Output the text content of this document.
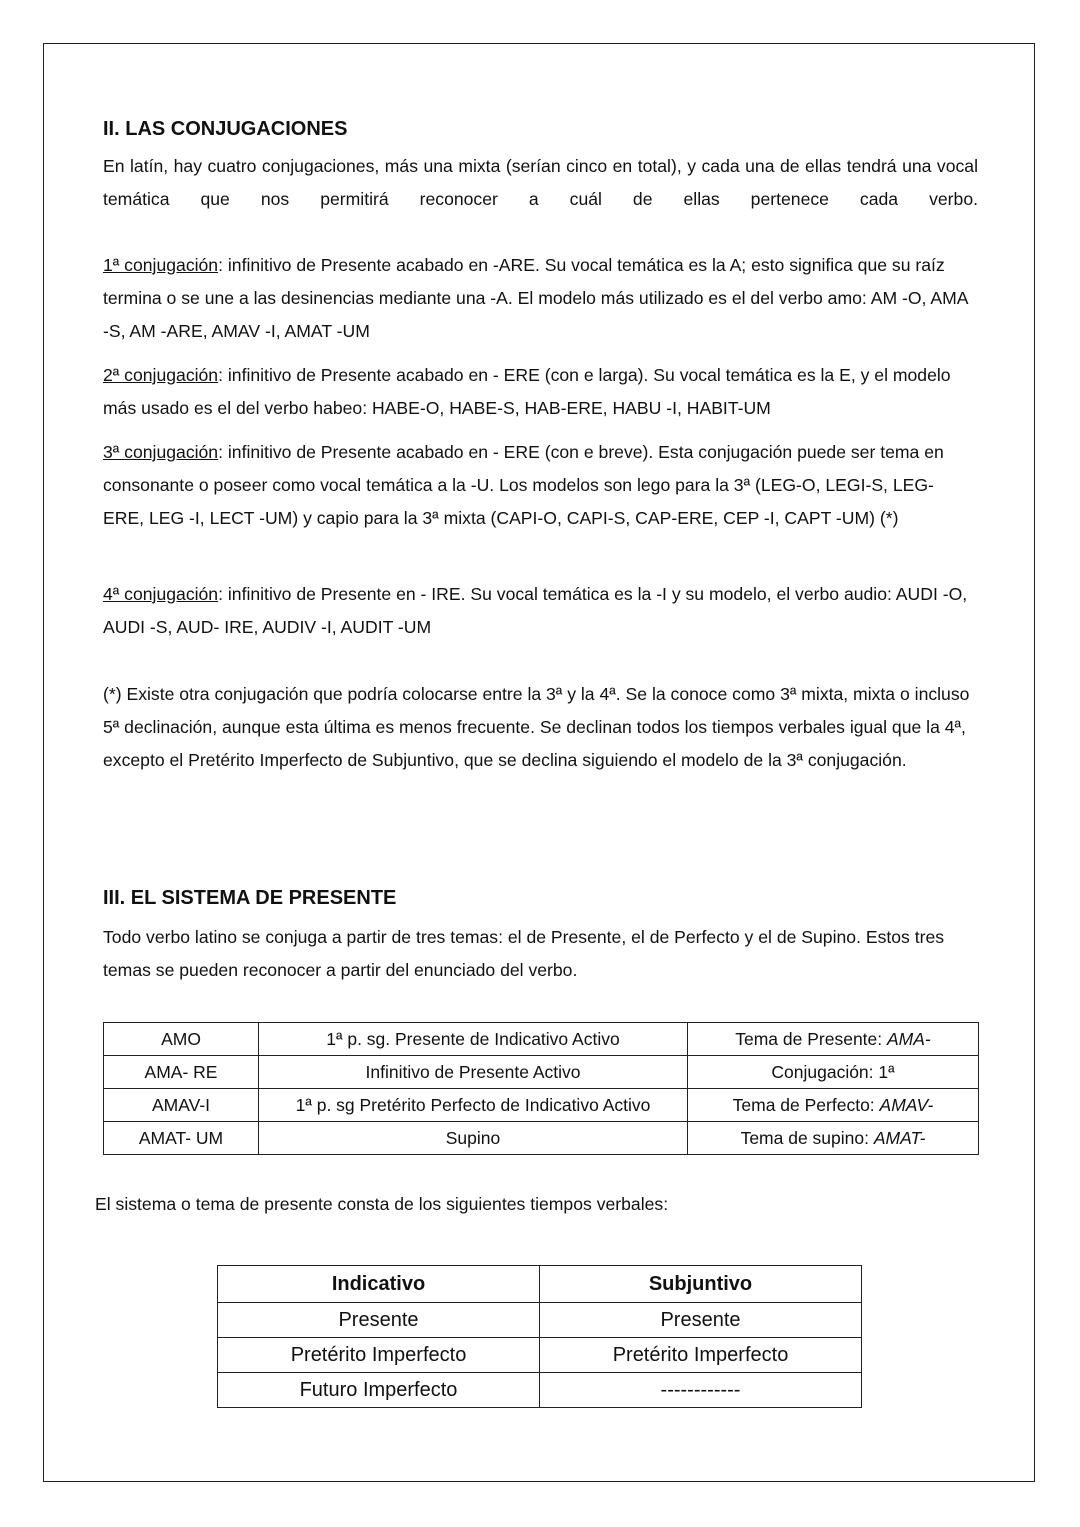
II. LAS CONJUGACIONES
En latín, hay cuatro conjugaciones, más una mixta (serían cinco en total), y cada una de ellas tendrá una vocal temática que nos permitirá reconocer a cuál de ellas pertenece cada verbo.
1ª conjugación: infinitivo de Presente acabado en -ARE. Su vocal temática es la A; esto significa que su raíz termina o se une a las desinencias mediante una -A. El modelo más utilizado es el del verbo amo: AM -O, AMA -S, AM -ARE, AMAV -I, AMAT -UM
2ª conjugación: infinitivo de Presente acabado en - ERE (con e larga). Su vocal temática es la E, y el modelo más usado es el del verbo habeo: HABE-O, HABE-S, HAB-ERE, HABU -I, HABIT-UM
3ª conjugación: infinitivo de Presente acabado en - ERE (con e breve). Esta conjugación puede ser tema en consonante o poseer como vocal temática a la -U. Los modelos son lego para la 3ª (LEG-O, LEGI-S, LEG- ERE, LEG -I, LECT -UM) y capio para la 3ª mixta (CAPI-O, CAPI-S, CAP-ERE, CEP -I, CAPT -UM) (*)
4ª conjugación: infinitivo de Presente en - IRE. Su vocal temática es la -I y su modelo, el verbo audio: AUDI -O, AUDI -S, AUD- IRE, AUDIV -I, AUDIT -UM
(*) Existe otra conjugación que podría colocarse entre la 3ª y la 4ª. Se la conoce como 3ª mixta, mixta o incluso 5ª declinación, aunque esta última es menos frecuente. Se declinan todos los tiempos verbales igual que la 4ª, excepto el Pretérito Imperfecto de Subjuntivo, que se declina siguiendo el modelo de la 3ª conjugación.
III. EL SISTEMA DE PRESENTE
Todo verbo latino se conjuga a partir de tres temas: el de Presente, el de Perfecto y el de Supino. Estos tres temas se pueden reconocer a partir del enunciado del verbo.
AMO	1ª p. sg. Presente de Indicativo Activo	Tema de Presente: AMA-
AMA- RE	Infinitivo de Presente Activo	Conjugación: 1ª
AMAV-I	1ª p. sg Pretérito Perfecto de Indicativo Activo	Tema de Perfecto: AMAV-
AMAT- UM	Supino	Tema de supino: AMAT-
El sistema o tema de presente consta de los siguientes tiempos verbales:
Indicativo	Subjuntivo
Presente	Presente
Pretérito Imperfecto	Pretérito Imperfecto
Futuro Imperfecto	------------
